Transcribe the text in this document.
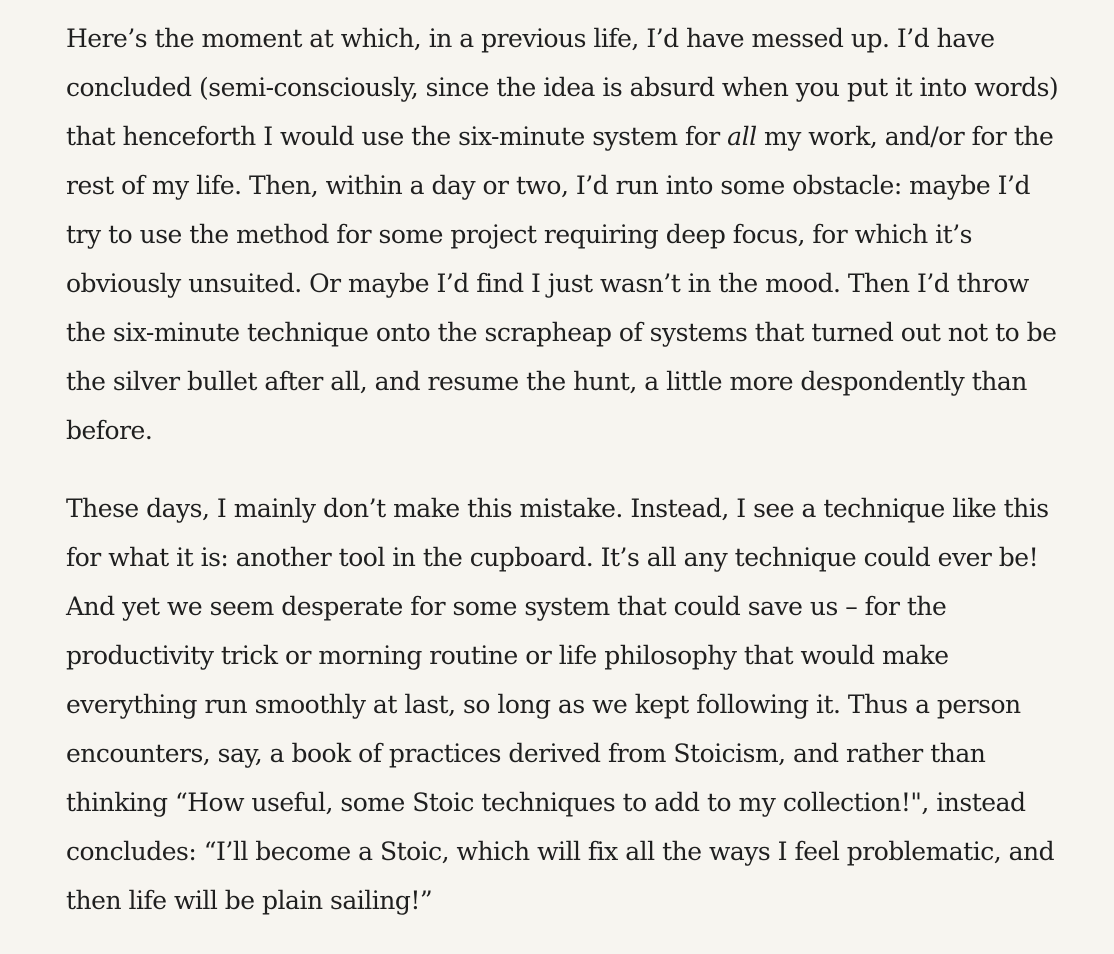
Here’s the moment at which, in a previous life, I’d have messed up. I’d have concluded (semi-consciously, since the idea is absurd when you put it into words) that henceforth I would use the six-minute system for all my work, and/or for the rest of my life. Then, within a day or two, I’d run into some obstacle: maybe I’d try to use the method for some project requiring deep focus, for which it’s obviously unsuited. Or maybe I’d find I just wasn’t in the mood. Then I’d throw the six-minute technique onto the scrapheap of systems that turned out not to be the silver bullet after all, and resume the hunt, a little more despondently than before.

These days, I mainly don’t make this mistake. Instead, I see a technique like this for what it is: another tool in the cupboard. It’s all any technique could ever be! And yet we seem desperate for some system that could save us – for the productivity trick or morning routine or life philosophy that would make everything run smoothly at last, so long as we kept following it. Thus a person encounters, say, a book of practices derived from Stoicism, and rather than thinking “How useful, some Stoic techniques to add to my collection!", instead concludes: “I’ll become a Stoic, which will fix all the ways I feel problematic, and then life will be plain sailing!”
